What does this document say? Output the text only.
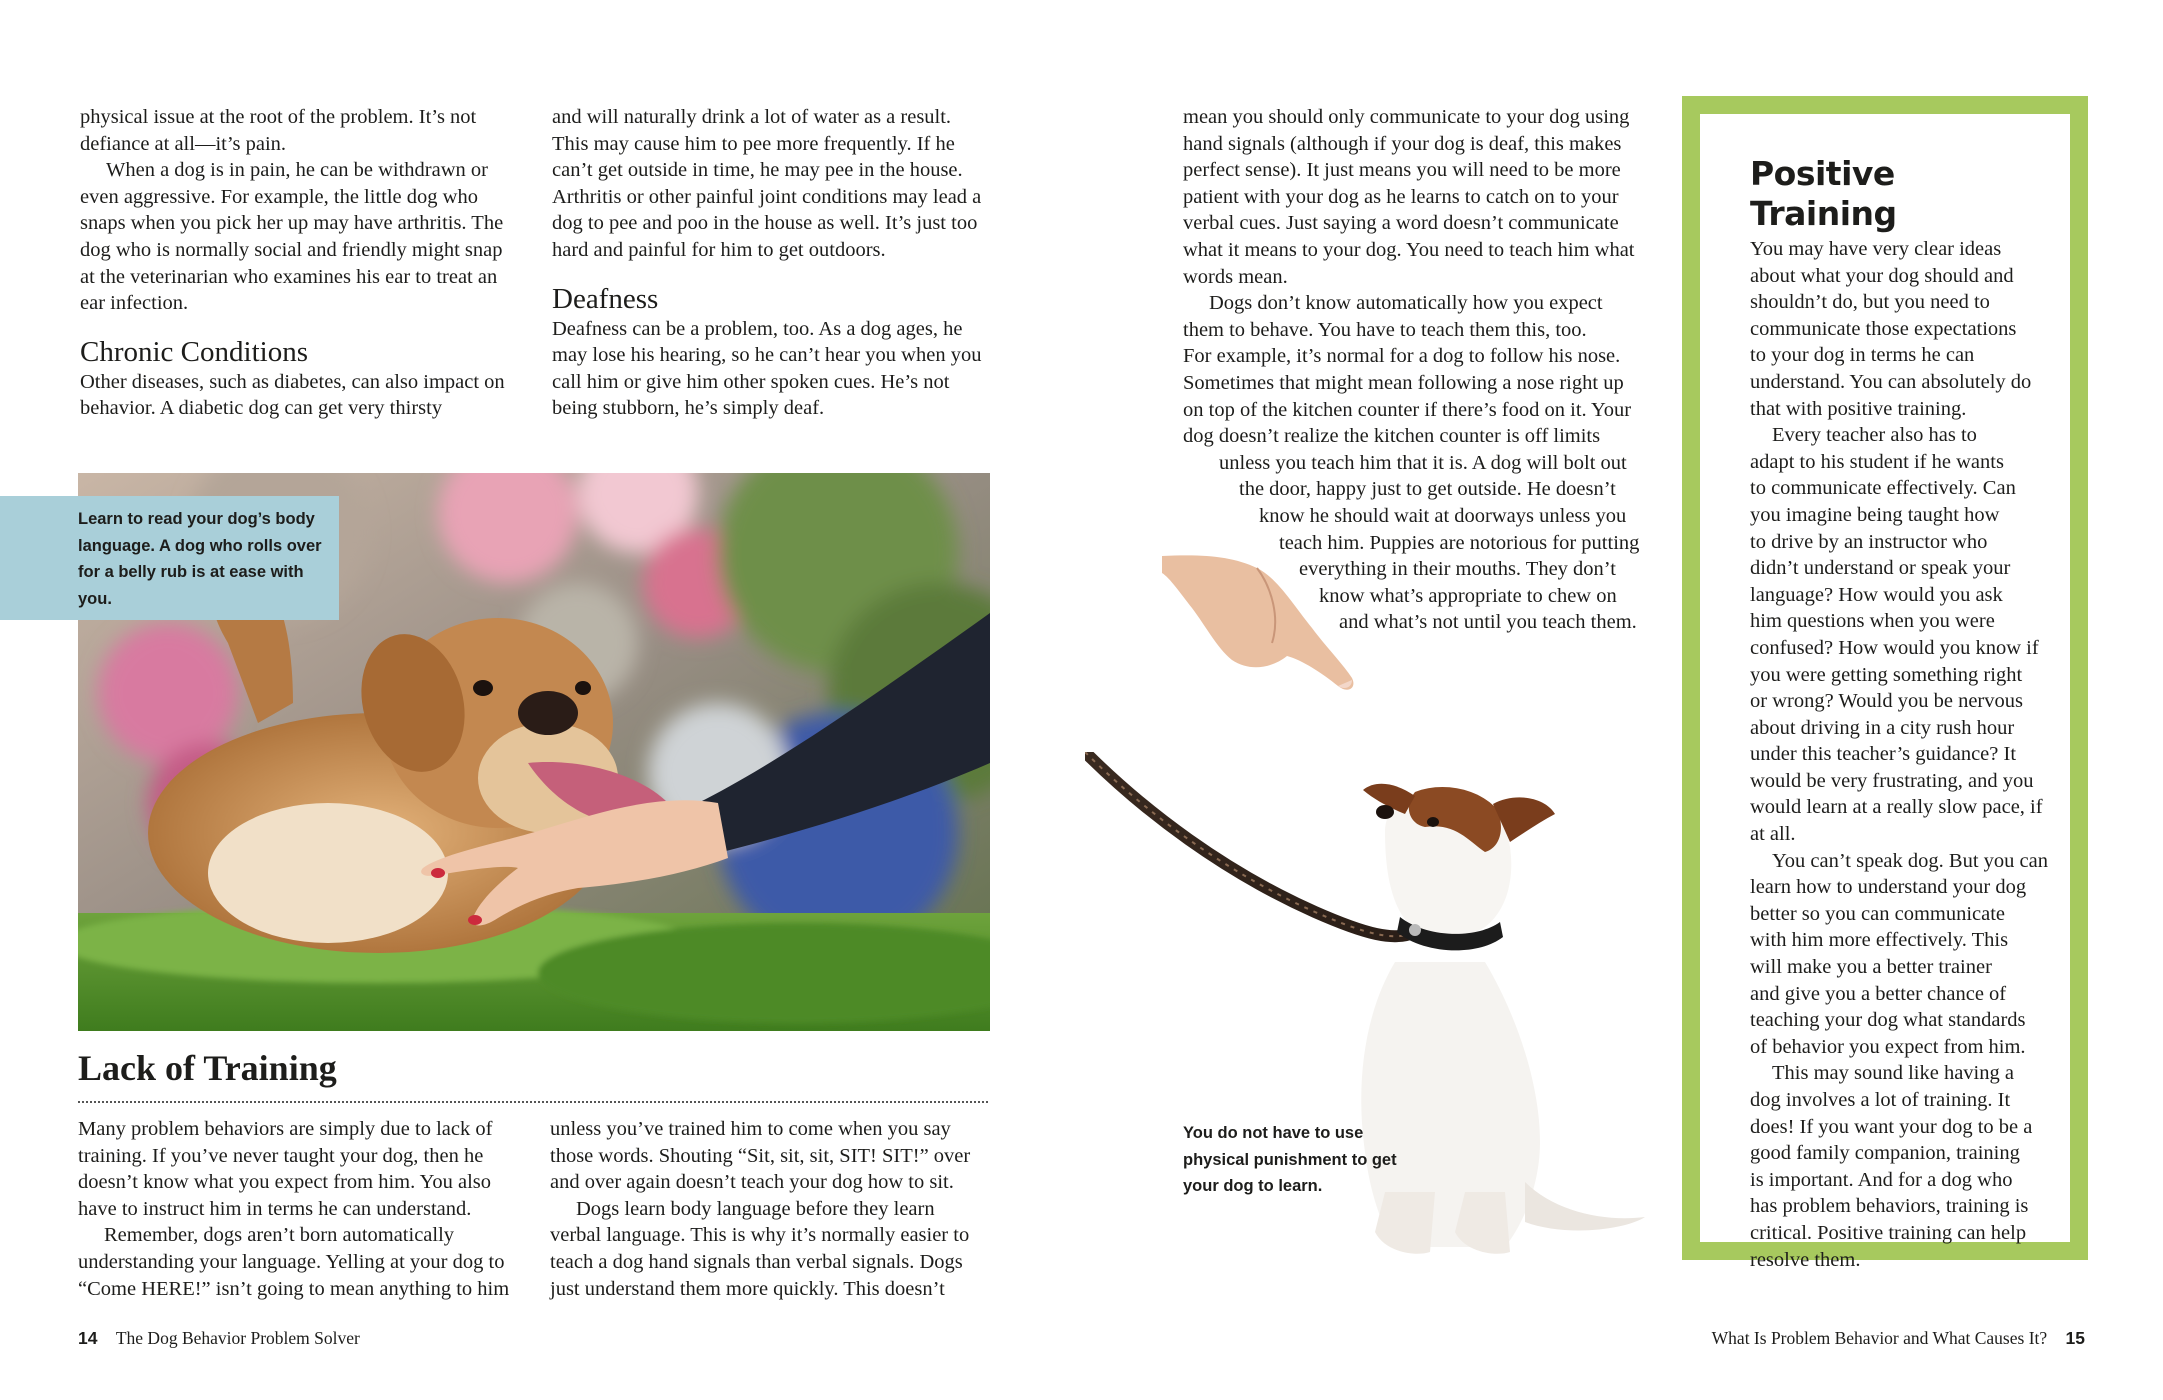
physical issue at the root of the problem. It’s not defiance at all—it’s pain.

When a dog is in pain, he can be withdrawn or even aggressive. For example, the little dog who snaps when you pick her up may have arthritis. The dog who is normally social and friendly might snap at the veterinarian who examines his ear to treat an ear infection.

Chronic Conditions

Other diseases, such as diabetes, can also impact on behavior. A diabetic dog can get very thirsty

and will naturally drink a lot of water as a result. This may cause him to pee more frequently. If he can’t get outside in time, he may pee in the house. Arthritis or other painful joint conditions may lead a dog to pee and poo in the house as well. It’s just too hard and painful for him to get outdoors.

Deafness

Deafness can be a problem, too. As a dog ages, he may lose his hearing, so he can’t hear you when you call him or give him other spoken cues. He’s not being stubborn, he’s simply deaf.

Learn to read your dog’s body language. A dog who rolls over for a belly rub is at ease with you.
Lack of Training

Many problem behaviors are simply due to lack of training. If you’ve never taught your dog, then he doesn’t know what you expect from him. You also have to instruct him in terms he can understand.

Remember, dogs aren’t born automatically understanding your language. Yelling at your dog to “Come HERE!” isn’t going to mean anything to him

unless you’ve trained him to come when you say those words. Shouting “Sit, sit, sit, SIT! SIT!” over and over again doesn’t teach your dog how to sit.

Dogs learn body language before they learn verbal language. This is why it’s normally easier to teach a dog hand signals than verbal signals. Dogs just understand them more quickly. This doesn’t

14 The Dog Behavior Problem Solver
mean you should only communicate to your dog using
hand signals (although if your dog is deaf, this makes
perfect sense). It just means you will need to be more
patient with your dog as he learns to catch on to your
verbal cues. Just saying a word doesn’t communicate
what it means to your dog. You need to teach him what
words mean.
Dogs don’t know automatically how you expect
them to behave. You have to teach them this, too.
For example, it’s normal for a dog to follow his nose.
Sometimes that might mean following a nose right up
on top of the kitchen counter if there’s food on it. Your
dog doesn’t realize the kitchen counter is off limits
unless you teach him that it is. A dog will bolt out
the door, happy just to get outside. He doesn’t
know he should wait at doorways unless you
teach him. Puppies are notorious for putting
everything in their mouths. They don’t
know what’s appropriate to chew on
and what’s not until you teach them.
You do not have to use physical punishment to get your dog to learn.
Positive Training
You may have very clear ideas
about what your dog should and
shouldn’t do, but you need to
communicate those expectations
to your dog in terms he can
understand. You can absolutely do
that with positive training.
Every teacher also has to
adapt to his student if he wants
to communicate effectively. Can
you imagine being taught how
to drive by an instructor who
didn’t understand or speak your
language? How would you ask
him questions when you were
confused? How would you know if
you were getting something right
or wrong? Would you be nervous
about driving in a city rush hour
under this teacher’s guidance? It
would be very frustrating, and you
would learn at a really slow pace, if
at all.
You can’t speak dog. But you can
learn how to understand your dog
better so you can communicate
with him more effectively. This
will make you a better trainer
and give you a better chance of
teaching your dog what standards
of behavior you expect from him.
This may sound like having a
dog involves a lot of training. It
does! If you want your dog to be a
good family companion, training
is important. And for a dog who
has problem behaviors, training is
critical. Positive training can help
resolve them.
What Is Problem Behavior and What Causes It? 15
